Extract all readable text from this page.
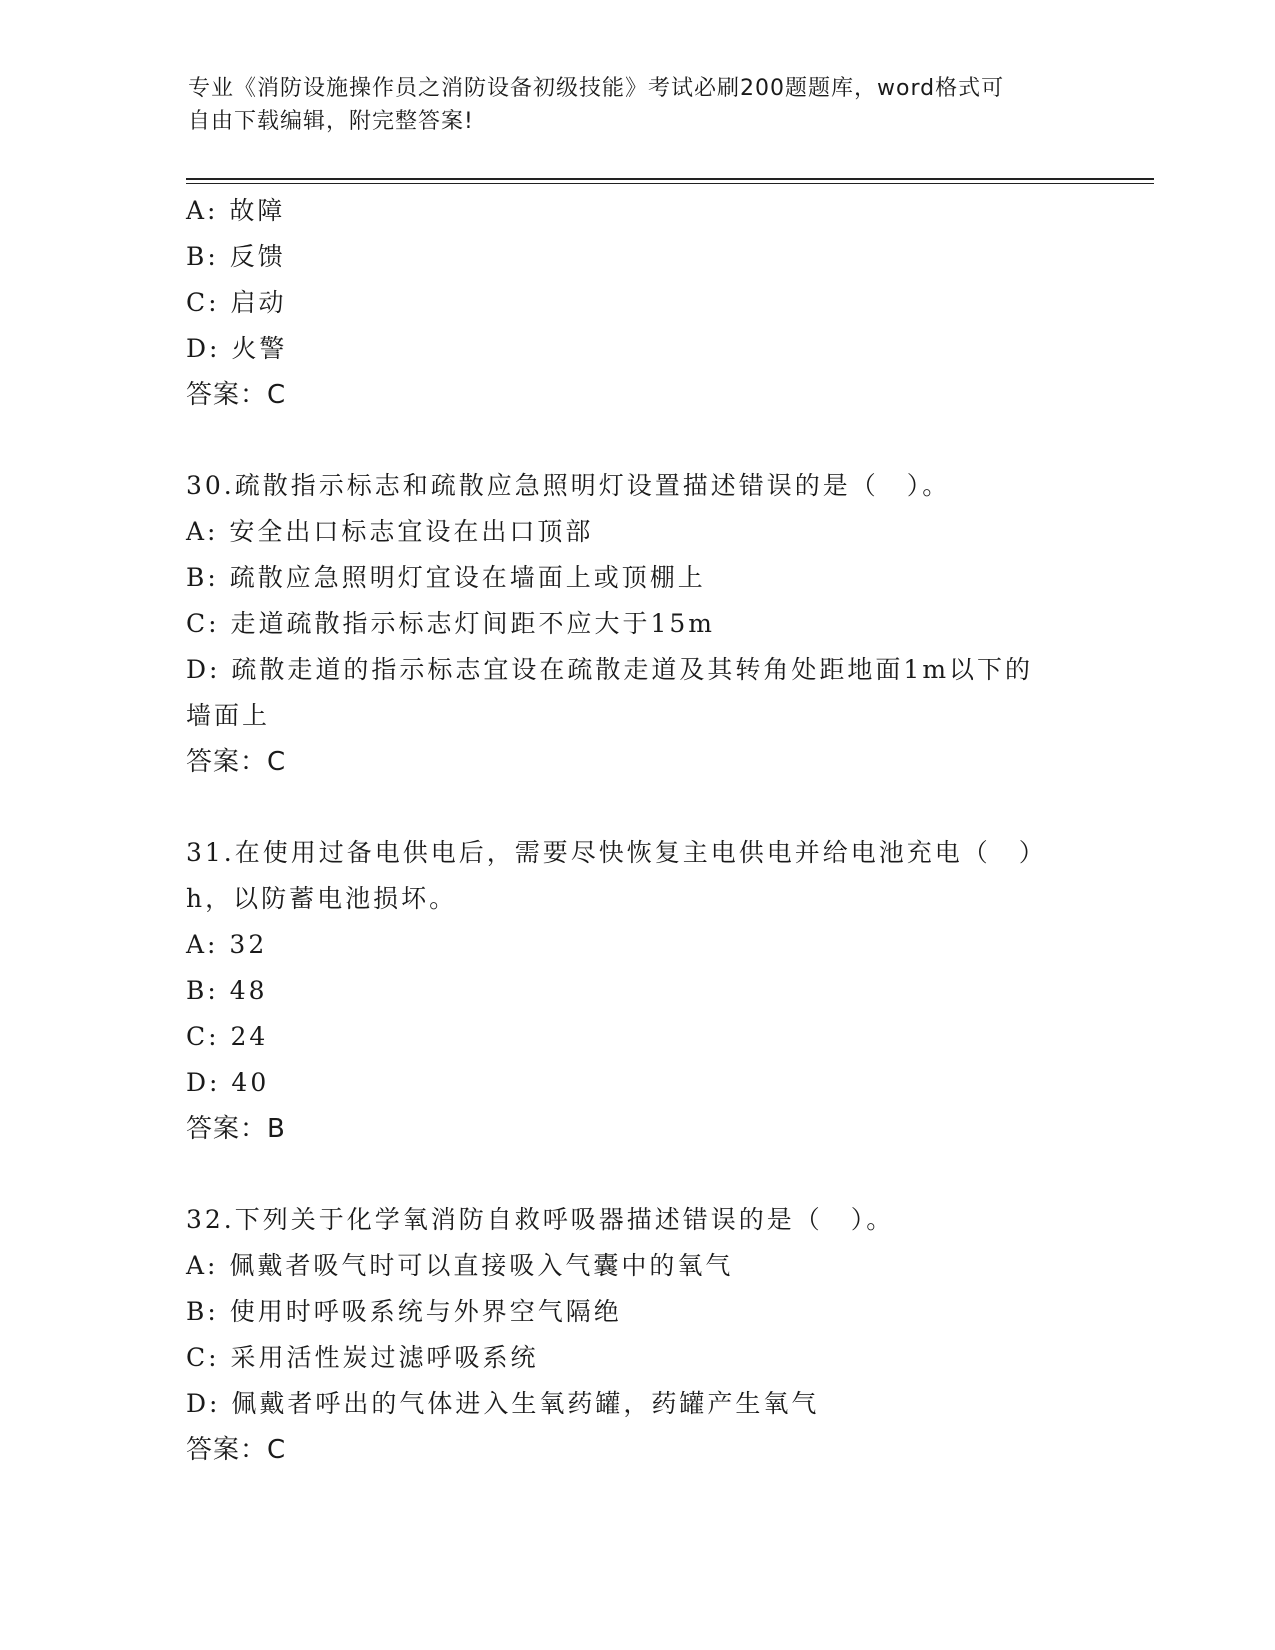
专业《消防设施操作员之消防设备初级技能》考试必刷200题题库，word格式可
自由下载编辑，附完整答案!
A: 故障
B: 反馈
C: 启动
D: 火警
答案：C
30.疏散指示标志和疏散应急照明灯设置描述错误的是（　）。
A: 安全出口标志宜设在出口顶部
B: 疏散应急照明灯宜设在墙面上或顶棚上
C: 走道疏散指示标志灯间距不应大于15m
D: 疏散走道的指示标志宜设在疏散走道及其转角处距地面1m以下的
墙面上
答案：C
31.在使用过备电供电后，需要尽快恢复主电供电并给电池充电（　）
h，以防蓄电池损坏。
A: 32
B: 48
C: 24
D: 40
答案：B
32.下列关于化学氧消防自救呼吸器描述错误的是（　）。
A: 佩戴者吸气时可以直接吸入气囊中的氧气
B: 使用时呼吸系统与外界空气隔绝
C: 采用活性炭过滤呼吸系统
D: 佩戴者呼出的气体进入生氧药罐，药罐产生氧气
答案：C
